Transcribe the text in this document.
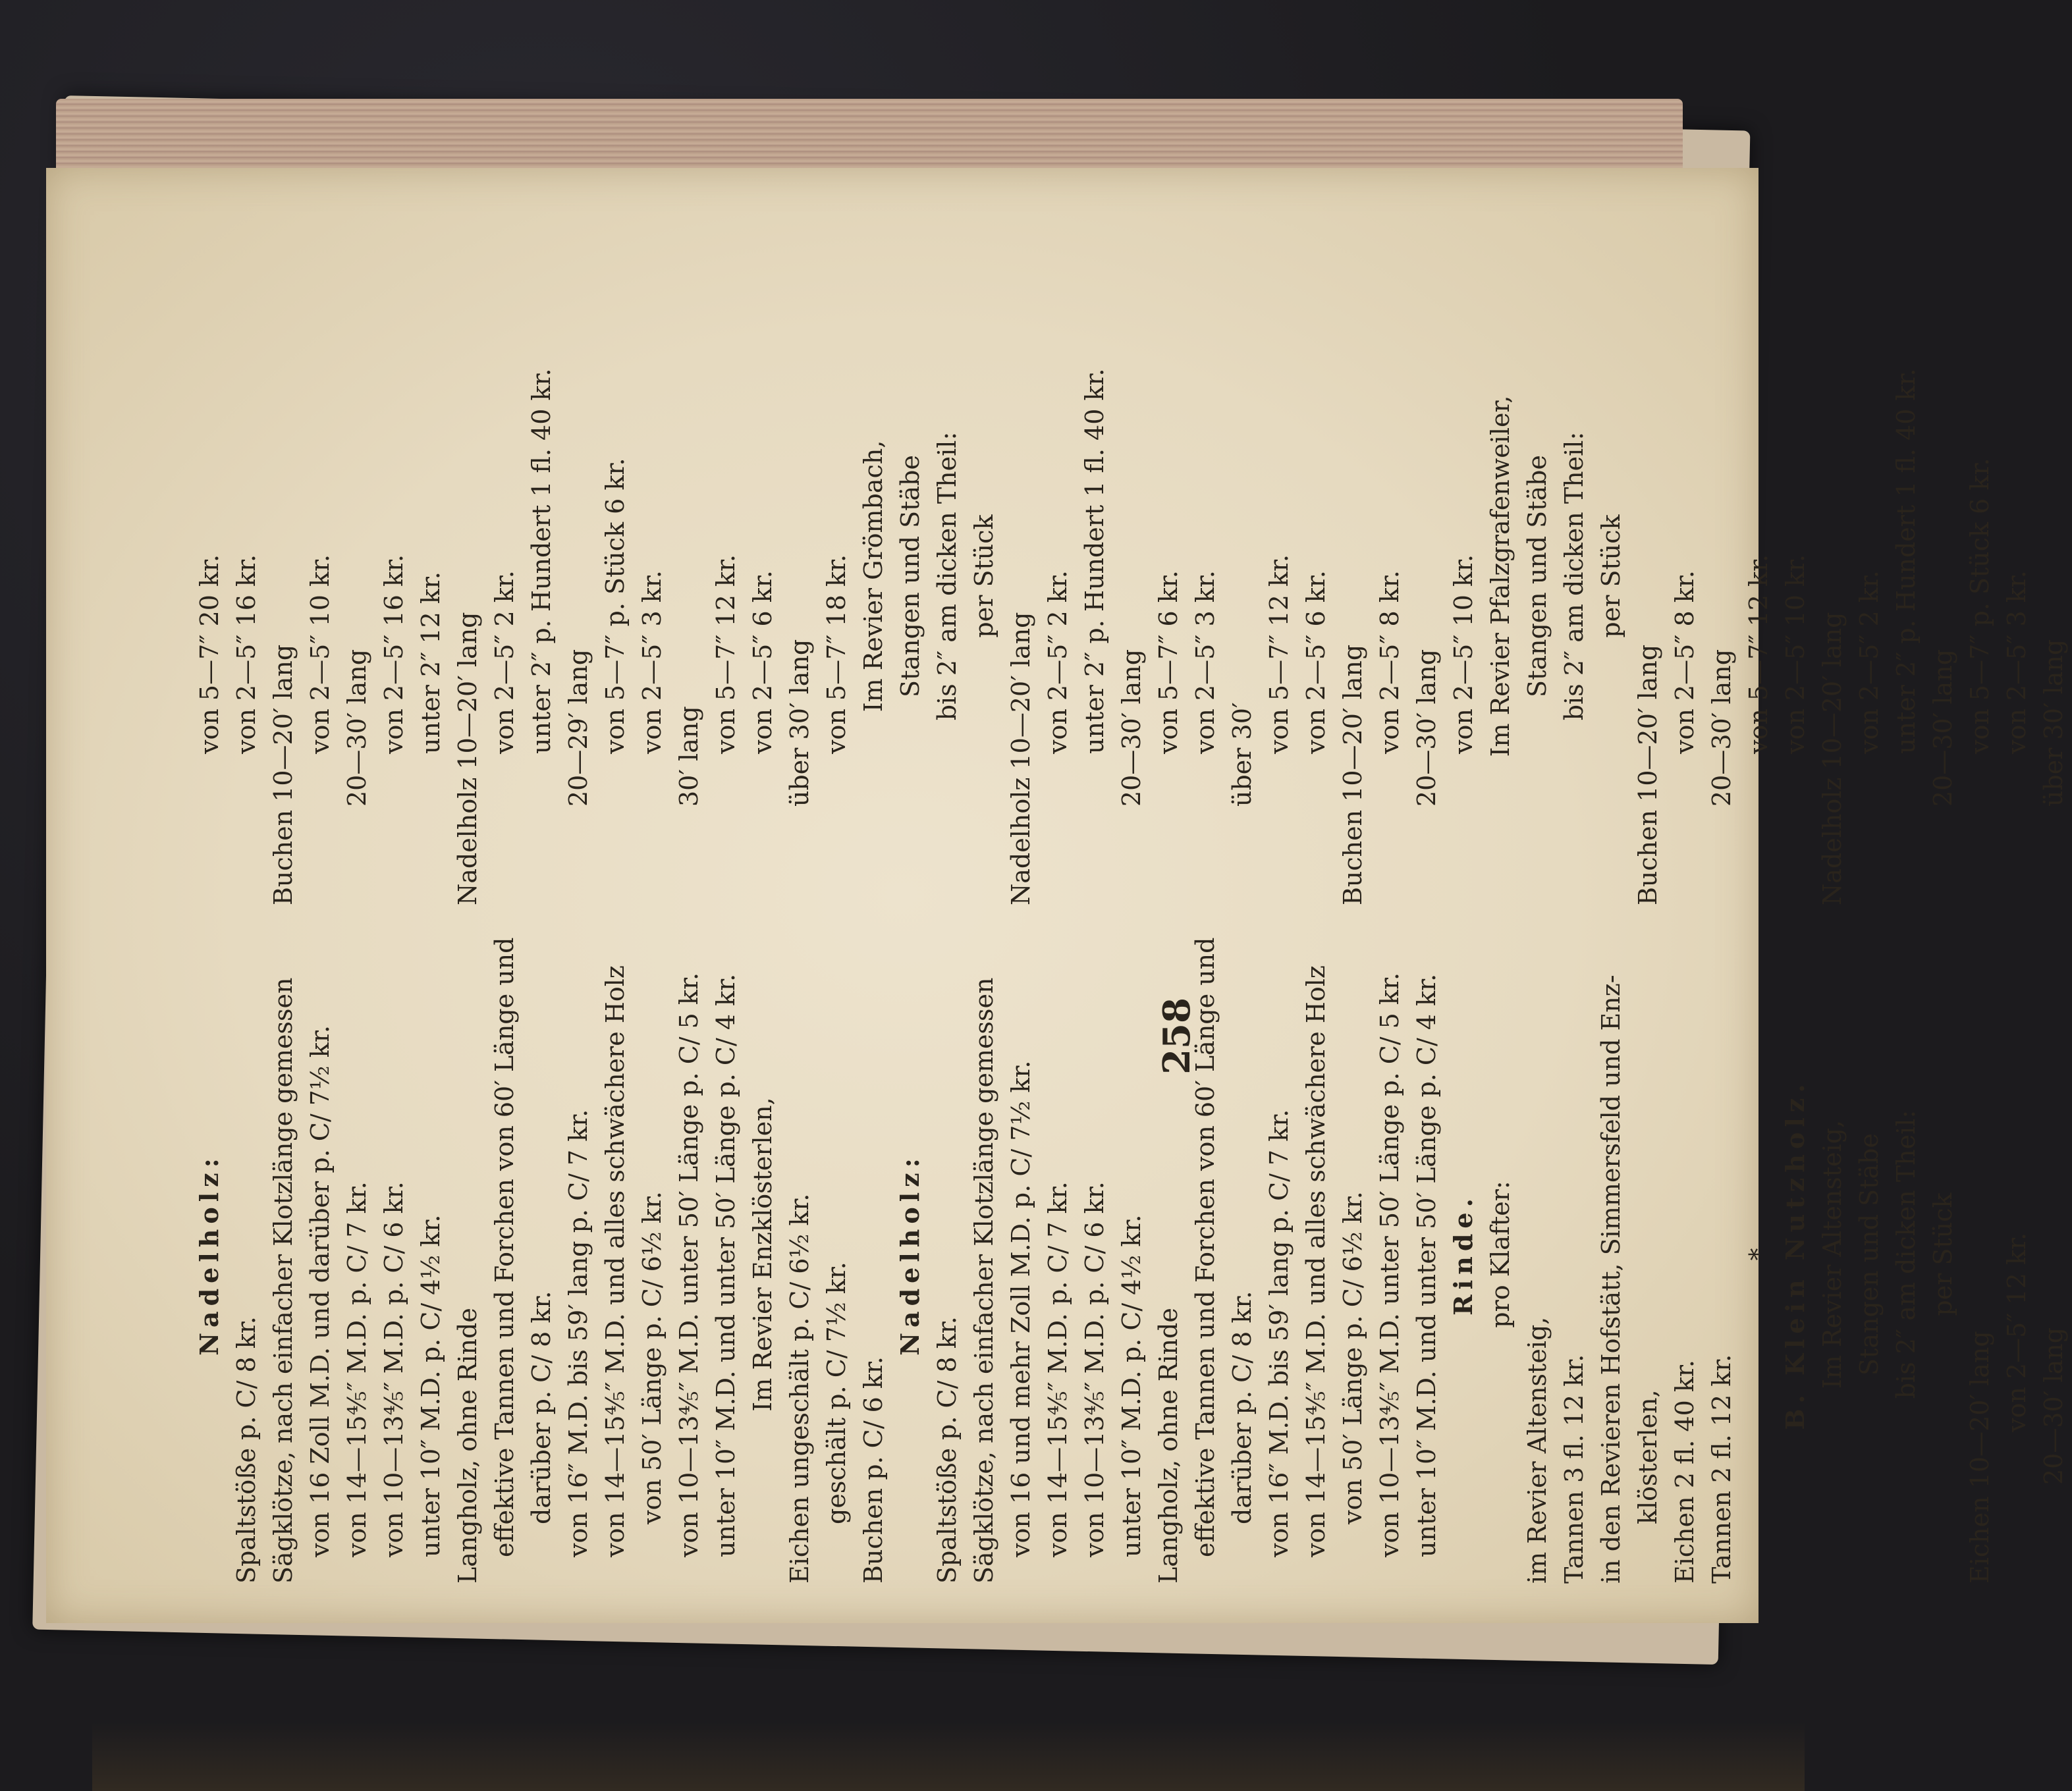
258
Nadelholz:
Spaltstöße p. C/ 8 kr. Sägklötze, nach einfacher Klotzlänge gemessen von 16 Zoll M.D. und darüber p. C/ 7½ kr. von 14—15⅘″ M.D. p. C/ 7 kr. von 10—13⅘″ M.D. p. C/ 6 kr. unter 10″ M.D. p. C/ 4½ kr. Langholz, ohne Rinde effektive Tannen und Forchen von 60′ Länge und darüber p. C/ 8 kr. von 16″ M.D. bis 59′ lang p. C/ 7 kr. von 14—15⅘″ M.D. und alles schwächere Holz von 50′ Länge p. C/ 6½ kr. von 10—13⅘″ M.D. unter 50′ Länge p. C/ 5 kr. unter 10″ M.D. und unter 50′ Länge p. C/ 4 kr. Im Revier Enzklösterlen, Eichen ungeschält p. C/ 6½ kr. geschält p. C/ 7½ kr. Buchen p. C/ 6 kr.
Nadelholz:
Spaltstöße p. C/ 8 kr. Sägklötze, nach einfacher Klotzlänge gemessen von 16 und mehr Zoll M.D. p. C/ 7½ kr. von 14—15⅘″ M.D. p. C/ 7 kr. von 10—13⅘″ M.D. p. C/ 6 kr. unter 10″ M.D. p. C/ 4½ kr. Langholz, ohne Rinde effektive Tannen und Forchen von 60′ Länge und darüber p. C/ 8 kr. von 16″ M.D. bis 59′ lang p. C/ 7 kr. von 14—15⅘″ M.D. und alles schwächere Holz von 50′ Länge p. C/ 6½ kr. von 10—13⅘″ M.D. unter 50′ Länge p. C/ 5 kr. unter 10″ M.D. und unter 50′ Länge p. C/ 4 kr. Rinde. pro Klafter:
im Revier Altensteig, Tannen 3 fl. 12 kr. in den Revieren Hofstätt, Simmersfeld und Enz- klösterlen, Eichen 2 fl. 40 kr. Tannen 2 fl. 12 kr.
* B. Klein Nutzholz. Im Revier Altensteig, Stangen und Stäbe bis 2″ am dicken Theil: per Stück
Eichen 10—20′ lang von 2—5″ 12 kr. 20—30′ lang
von 5—7″ 20 kr. von 2—5″ 16 kr. Buchen 10—20′ lang von 2—5″ 10 kr. 20—30′ lang von 2—5″ 16 kr. unter 2″ 12 kr. Nadelholz 10—20′ lang von 2—5″ 2 kr. unter 2″ p. Hundert 1 fl. 40 kr. 20—29′ lang von 5—7″ p. Stück 6 kr. von 2—5″ 3 kr.
30′ lang
von 5—7″ 12 kr. von 2—5″ 6 kr. über 30′ lang von 5—7″ 18 kr. Im Revier Grömbach, Stangen und Stäbe bis 2″ am dicken Theil: per Stück
Nadelholz 10—20′ lang von 2—5″ 2 kr. unter 2″ p. Hundert 1 fl. 40 kr. 20—30′ lang von 5—7″ 6 kr. von 2—5″ 3 kr.
über 30′
von 5—7″ 12 kr. von 2—5″ 6 kr. Buchen 10—20′ lang von 2—5″ 8 kr. 20—30′ lang von 2—5″ 10 kr. Im Revier Pfalzgrafenweiler, Stangen und Stäbe bis 2″ am dicken Theil: per Stück
Buchen 10—20′ lang von 2—5″ 8 kr. 20—30′ lang von 5—7″ 12 kr. von 2—5″ 10 kr. Nadelholz 10—20′ lang von 2—5″ 2 kr. unter 2″ p. Hundert 1 fl. 40 kr. 20—30′ lang von 5—7″ p. Stück 6 kr. von 2—5″ 3 kr. über 30′ lang
